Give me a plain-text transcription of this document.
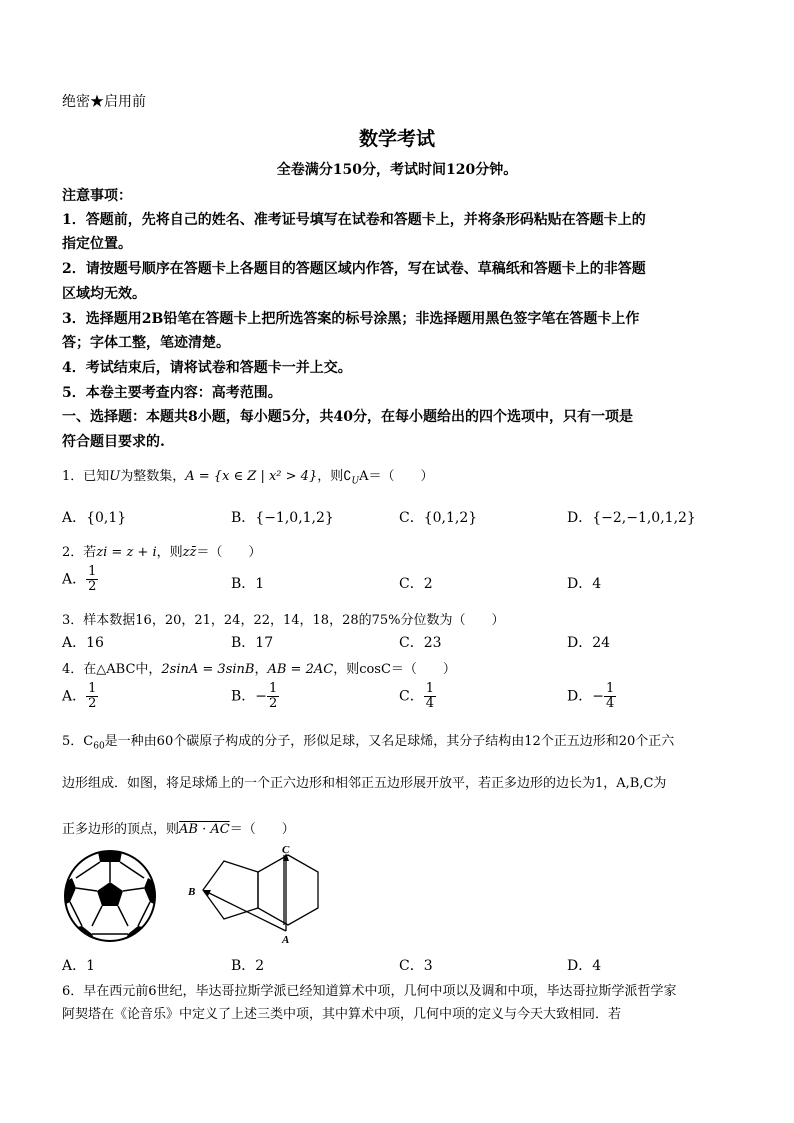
绝密★启用前
数学考试
全卷满分150分，考试时间120分钟。
注意事项：
1．答题前，先将自己的姓名、准考证号填写在试卷和答题卡上，并将条形码粘贴在答题卡上的
指定位置。
2．请按题号顺序在答题卡上各题目的答题区域内作答，写在试卷、草稿纸和答题卡上的非答题
区域均无效。
3．选择题用2B铅笔在答题卡上把所选答案的标号涂黑；非选择题用黑色签字笔在答题卡上作
答；字体工整，笔迹清楚。
4．考试结束后，请将试卷和答题卡一并上交。
5．本卷主要考查内容：高考范围。
一、选择题：本题共8小题，每小题5分，共40分，在每小题给出的四个选项中，只有一项是
符合题目要求的.
1．已知U为整数集，A = {x ∈ Z | x² > 4}，则$∁_UA=$（　　）
A．{0,1}	B．{−1,0,1,2}	C．{0,1,2}	D．{−2,−1,0,1,2}
2．若zi = z + i，则zz̄＝（　　）
A． $\frac{1}{2}$	B．1	C．2	D．4
3．样本数据16，20，21，24，22，14，18，28的75%分位数为（　　）
A．16	B．17	C．23	D．24
4．在△ABC中，2sinA = 3sinB，AB = 2AC，则cosC＝（　　）
A． $\frac{1}{2}$	B．− $\frac{1}{2}$	C． $\frac{1}{4}$	D．− $\frac{1}{4}$
5．$C_{60}$是一种由60个碳原子构成的分子，形似足球，又名足球烯，其分子结构由12个正五边形和20个正六
边形组成．如图，将足球烯上的一个正六边形和相邻正五边形展开放平，若正多边形的边长为1，A,B,C为
正多边形的顶点，则AB · AC＝（　　）
C
B
A
A．1	B．2	C．3	D．4
6．早在西元前6世纪，毕达哥拉斯学派已经知道算术中项，几何中项以及调和中项，毕达哥拉斯学派哲学家
阿契塔在《论音乐》中定义了上述三类中项，其中算术中项，几何中项的定义与今天大致相同．若
